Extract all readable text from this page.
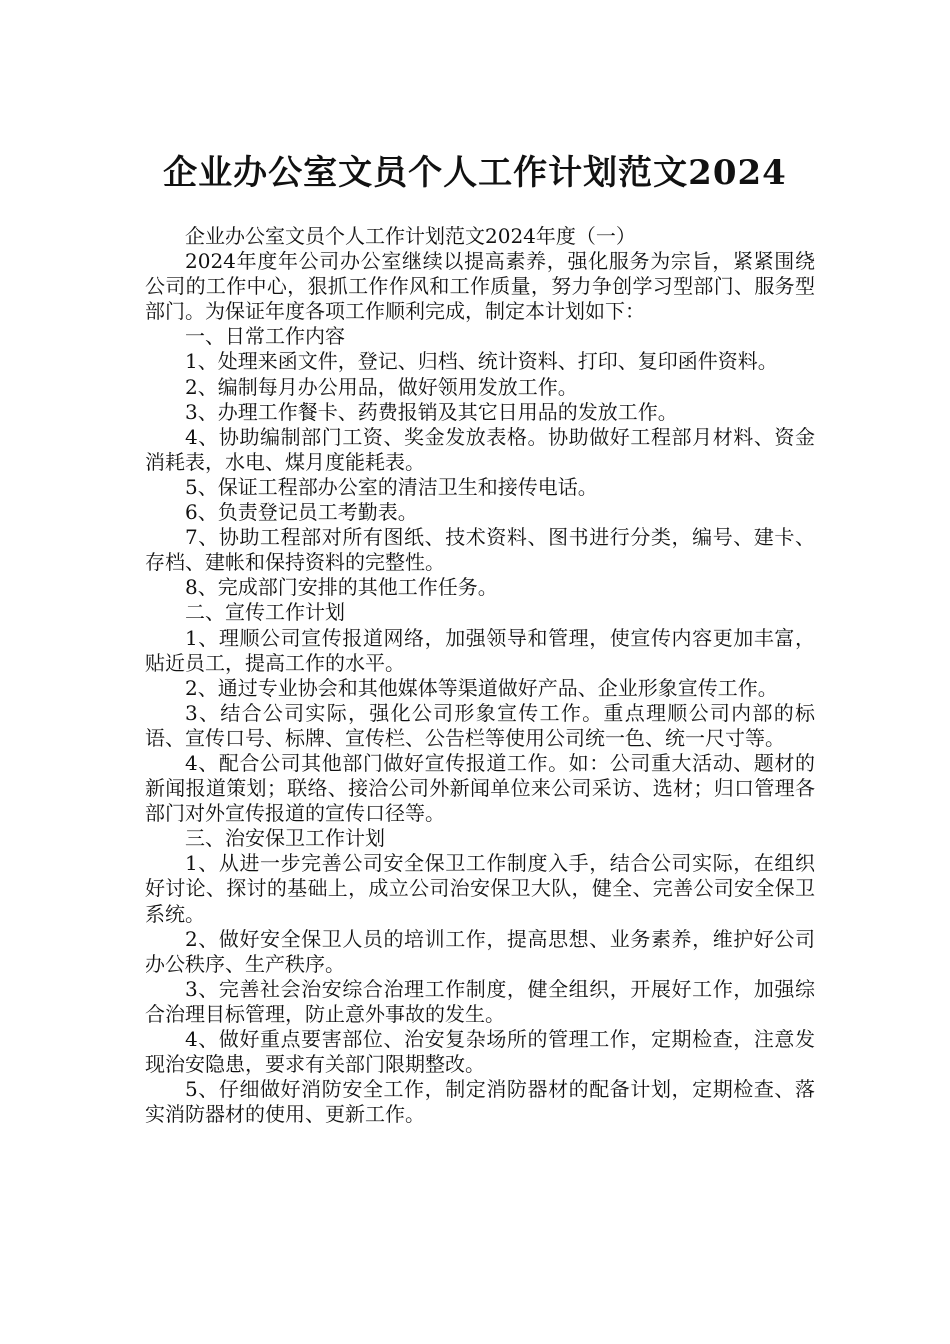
企业办公室文员个人工作计划范文2024

企业办公室文员个人工作计划范文2024年度（一）

2024年度年公司办公室继续以提高素养，强化服务为宗旨，紧紧围绕公司的工作中心，狠抓工作作风和工作质量，努力争创学习型部门、服务型部门。为保证年度各项工作顺利完成，制定本计划如下：

一、日常工作内容

1、处理来函文件，登记、归档、统计资料、打印、复印函件资料。

2、编制每月办公用品，做好领用发放工作。

3、办理工作餐卡、药费报销及其它日用品的发放工作。

4、协助编制部门工资、奖金发放表格。协助做好工程部月材料、资金消耗表，水电、煤月度能耗表。

5、保证工程部办公室的清洁卫生和接传电话。

6、负责登记员工考勤表。

7、协助工程部对所有图纸、技术资料、图书进行分类，编号、建卡、存档、建帐和保持资料的完整性。

8、完成部门安排的其他工作任务。

二、宣传工作计划

1、理顺公司宣传报道网络，加强领导和管理，使宣传内容更加丰富，贴近员工，提高工作的水平。

2、通过专业协会和其他媒体等渠道做好产品、企业形象宣传工作。

3、结合公司实际，强化公司形象宣传工作。重点理顺公司内部的标语、宣传口号、标牌、宣传栏、公告栏等使用公司统一色、统一尺寸等。

4、配合公司其他部门做好宣传报道工作。如：公司重大活动、题材的新闻报道策划；联络、接洽公司外新闻单位来公司采访、选材；归口管理各部门对外宣传报道的宣传口径等。

三、治安保卫工作计划

1、从进一步完善公司安全保卫工作制度入手，结合公司实际，在组织好讨论、探讨的基础上，成立公司治安保卫大队，健全、完善公司安全保卫系统。

2、做好安全保卫人员的培训工作，提高思想、业务素养，维护好公司办公秩序、生产秩序。

3、完善社会治安综合治理工作制度，健全组织，开展好工作，加强综合治理目标管理，防止意外事故的发生。

4、做好重点要害部位、治安复杂场所的管理工作，定期检查，注意发现治安隐患，要求有关部门限期整改。

5、仔细做好消防安全工作，制定消防器材的配备计划，定期检查、落实消防器材的使用、更新工作。
